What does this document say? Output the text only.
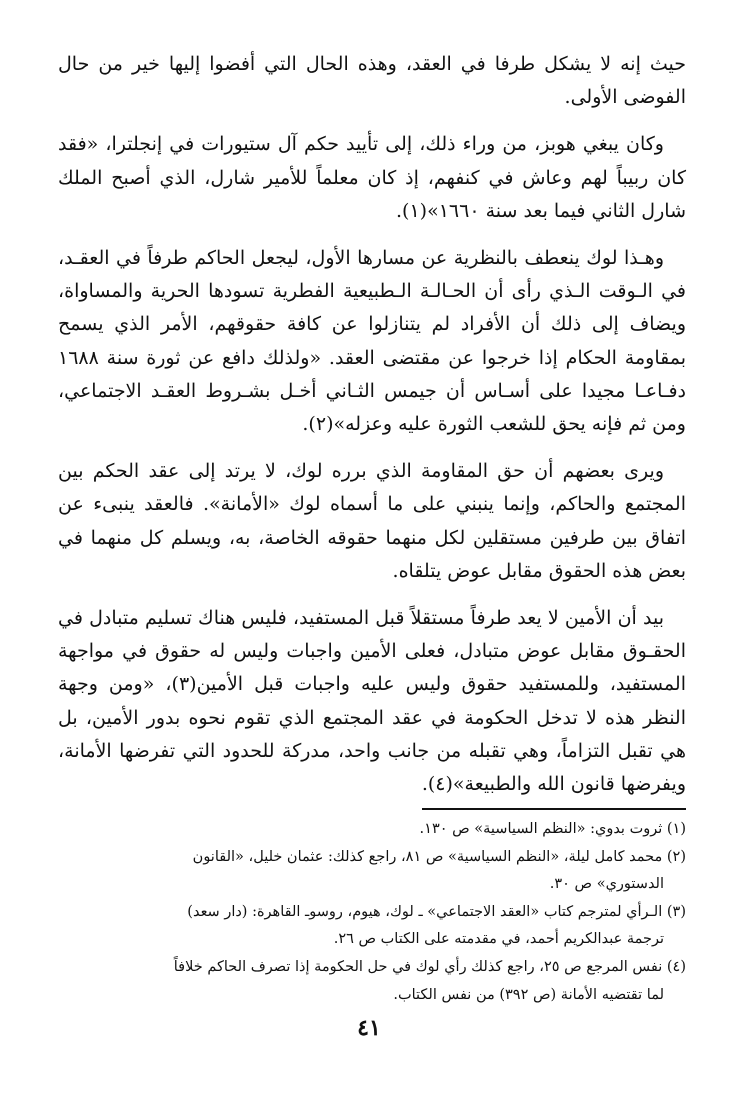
حيث إنه لا يشكل طرفا في العقد، وهذه الحال التي أفضوا إليها خير من حال الفوضى الأولى.

وكان يبغي هوبز، من وراء ذلك، إلى تأييد حكم آل ستيورات في إنجلترا، «فقد كان ربيباً لهم وعاش في كنفهم، إذ كان معلماً للأمير شارل، الذي أصبح الملك شارل الثاني فيما بعد سنة ١٦٦٠»(١).

وهـذا لوك ينعطف بالنظرية عن مسارها الأول، ليجعل الحاكم طرفاً في العقـد، في الـوقت الـذي رأى أن الحـالـة الـطبيعية الفطرية تسودها الحرية والمساواة، ويضاف إلى ذلك أن الأفراد لم يتنازلوا عن كافة حقوقهم، الأمر الذي يسمح بمقاومة الحكام إذا خرجوا عن مقتضى العقد. «ولذلك دافع عن ثورة سنة ١٦٨٨ دفـاعـا مجيدا على أسـاس أن جيمس الثـاني أخـل بشـروط العقـد الاجتماعي، ومن ثم فإنه يحق للشعب الثورة عليه وعزله»(٢).

ويرى بعضهم أن حق المقاومة الذي برره لوك، لا يرتد إلى عقد الحكم بين المجتمع والحاكم، وإنما ينبني على ما أسماه لوك «الأمانة». فالعقد ينبىء عن اتفاق بين طرفين مستقلين لكل منهما حقوقه الخاصة، به، ويسلم كل منهما في بعض هذه الحقوق مقابل عوض يتلقاه.

بيد أن الأمين لا يعد طرفاً مستقلاً قبل المستفيد، فليس هناك تسليم متبادل في الحقـوق مقابل عوض متبادل، فعلى الأمين واجبات وليس له حقوق في مواجهة المستفيد، وللمستفيد حقوق وليس عليه واجبات قبل الأمين(٣)، «ومن وجهة النظر هذه لا تدخل الحكومة في عقد المجتمع الذي تقوم نحوه بدور الأمين، بل هي تقبل التزاماً، وهي تقبله من جانب واحد، مدركة للحدود التي تفرضها الأمانة، ويفرضها قانون الله والطبيعة»(٤).

(١) ثروت بدوي: «النظم السياسية» ص ١٣٠.

(٢) محمد كامل ليلة، «النظم السياسية» ص ٨١، راجع كذلك: عثمان خليل، «القانون
الدستوري» ص ٣٠.

(٣) الـرأي لمترجم كتاب «العقد الاجتماعي» ـ لوك، هيوم، روسوـ القاهرة: (دار سعد)
ترجمة عبدالكريم أحمد، في مقدمته على الكتاب ص ٢٦.

(٤) نفس المرجع ص ٢٥، راجع كذلك رأي لوك في حل الحكومة إذا تصرف الحاكم خلافاً
لما تقتضيه الأمانة (ص ٣٩٢) من نفس الكتاب.

٤١
